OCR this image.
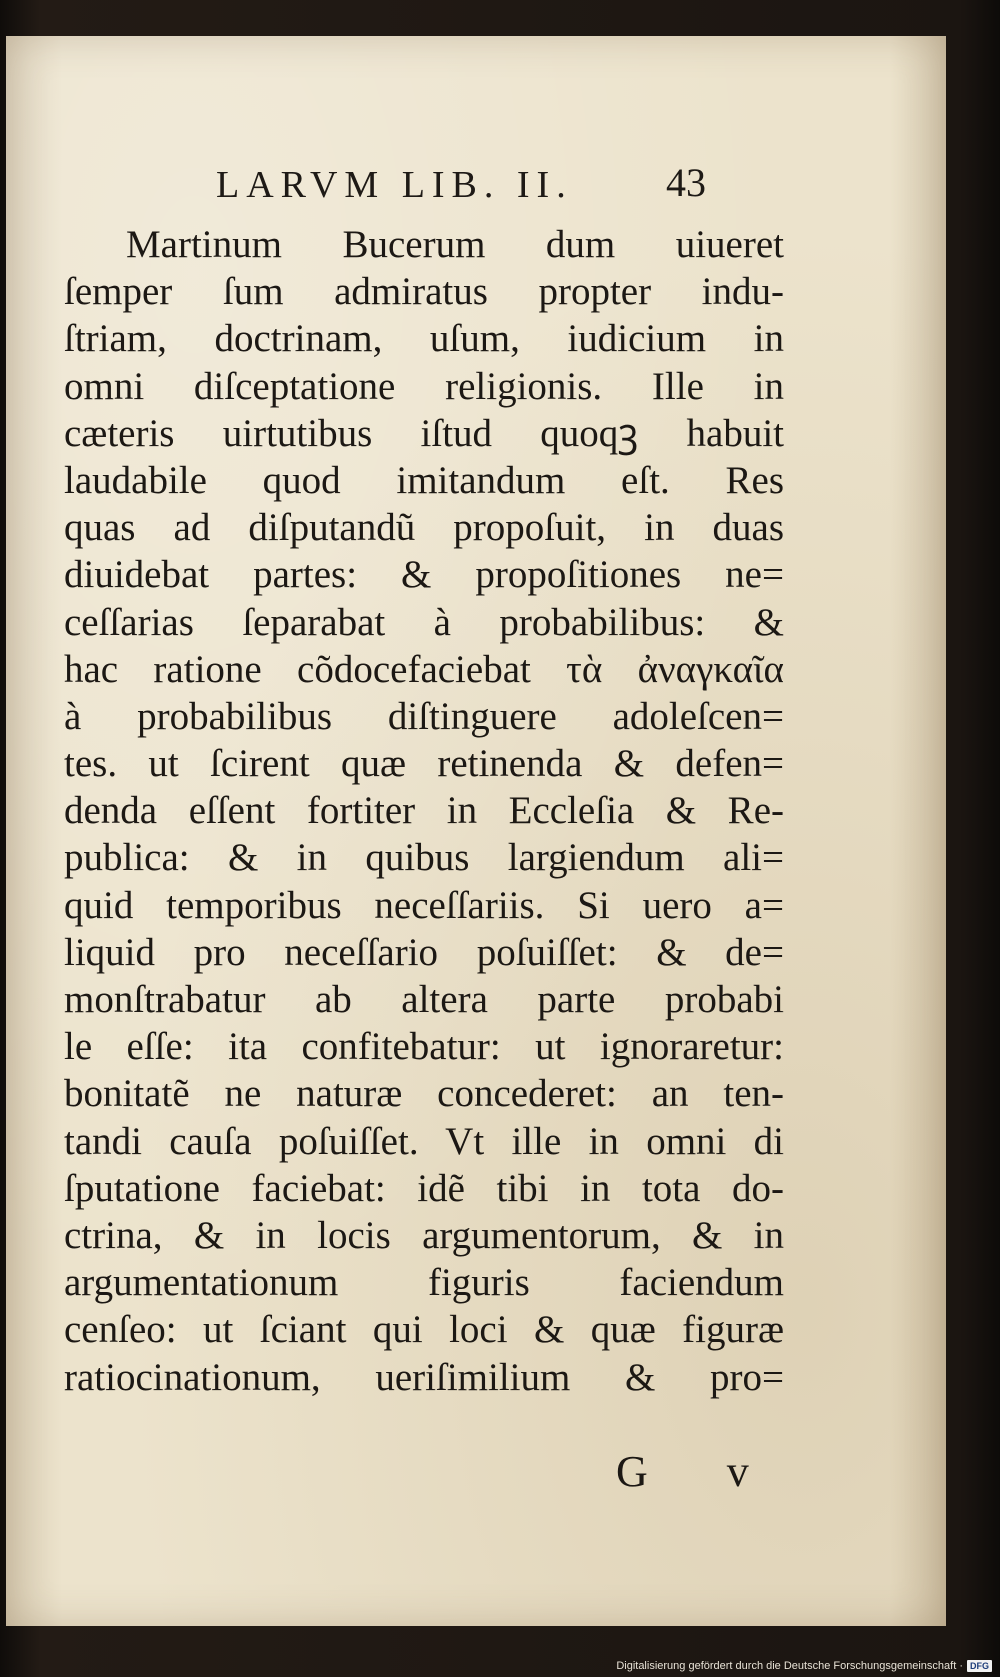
LARVM LIB. II. 43
Martinum Bucerum dum uiueret
ſemper ſum admiratus propter indu-
ſtriam, doctrinam, uſum, iudicium in
omni diſceptatione religionis. Ille in
cæteris uirtutibus iſtud quoqꝫ habuit
laudabile quod imitandum eſt. Res
quas ad diſputandũ propoſuit, in duas
diuidebat partes: & propoſitiones ne=
ceſſarias ſeparabat à probabilibus: &
hac ratione cõdocefaciebat τὰ ἀναγκαῖα
à probabilibus diſtinguere adoleſcen=
tes. ut ſcirent quæ retinenda & defen=
denda eſſent fortiter in Eccleſia & Re-
publica: & in quibus largiendum ali=
quid temporibus neceſſariis. Si uero a=
liquid pro neceſſario poſuiſſet: & de=
monſtrabatur ab altera parte probabi
le eſſe: ita confitebatur: ut ignoraretur:
bonitatẽ ne naturæ concederet: an ten-
tandi cauſa poſuiſſet. Vt ille in omni di
ſputatione faciebat: idẽ tibi in tota do-
ctrina, & in locis argumentorum, & in
argumentationum figuris faciendum
cenſeo: ut ſciant qui loci & quæ figuræ
ratiocinationum, ueriſimilium & pro=
G v
Digitalisierung gefördert durch die Deutsche Forschungsgemeinschaft · DFG
